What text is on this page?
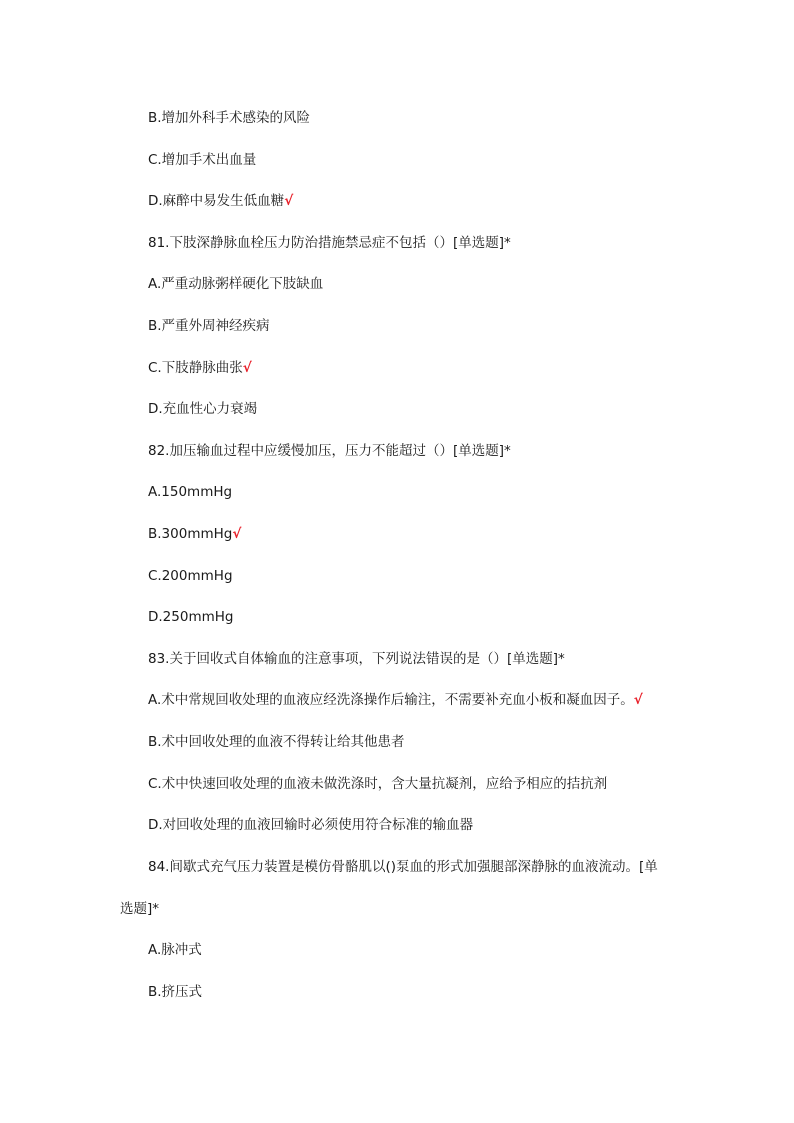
B.增加外科手术感染的风险
C.增加手术出血量
D.麻醉中易发生低血糖√
81.下肢深静脉血栓压力防治措施禁忌症不包括（）[单选题]*
A.严重动脉粥样硬化下肢缺血
B.严重外周神经疾病
C.下肢静脉曲张√
D.充血性心力衰竭
82.加压输血过程中应缓慢加压，压力不能超过（）[单选题]*
A.150mmHg
B.300mmHg√
C.200mmHg
D.250mmHg
83.关于回收式自体输血的注意事项，下列说法错误的是（）[单选题]*
A.术中常规回收处理的血液应经洗涤操作后输注，不需要补充血小板和凝血因子。√
B.术中回收处理的血液不得转让给其他患者
C.术中快速回收处理的血液未做洗涤时，含大量抗凝剂，应给予相应的拮抗剂
D.对回收处理的血液回输时必须使用符合标准的输血器
84.间歇式充气压力装置是模仿骨骼肌以()泵血的形式加强腿部深静脉的血液流动。[单
选题]*
A.脉冲式
B.挤压式
